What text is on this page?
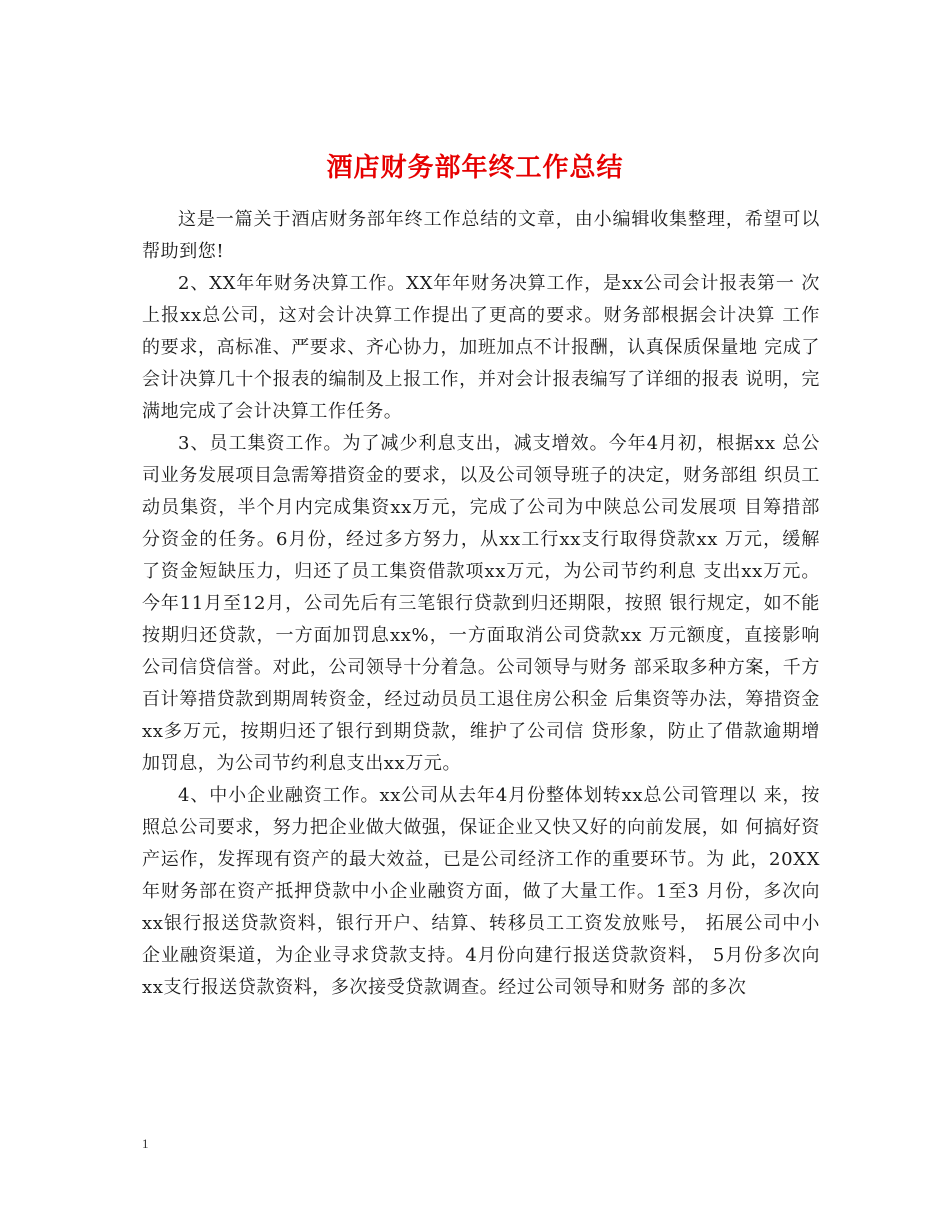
酒店财务部年终工作总结

这是一篇关于酒店财务部年终工作总结的文章，由小编辑收集整理，希望可以帮助到您!

2、XX年年财务决算工作。XX年年财务决算工作，是xx公司会计报表第一 次上报xx总公司，这对会计决算工作提出了更高的要求。财务部根据会计决算 工作的要求，高标准、严要求、齐心协力，加班加点不计报酬，认真保质保量地 完成了会计决算几十个报表的编制及上报工作，并对会计报表编写了详细的报表 说明，完满地完成了会计决算工作任务。

3、员工集资工作。为了减少利息支出，减支增效。今年4月初，根据xx 总公司业务发展项目急需筹措资金的要求，以及公司领导班子的决定，财务部组 织员工动员集资，半个月内完成集资xx万元，完成了公司为中陕总公司发展项 目筹措部分资金的任务。6月份，经过多方努力，从xx工行xx支行取得贷款xx 万元，缓解了资金短缺压力，归还了员工集资借款项xx万元，为公司节约利息 支出xx万元。今年11月至12月，公司先后有三笔银行贷款到归还期限，按照 银行规定，如不能按期归还贷款，一方面加罚息xx%，一方面取消公司贷款xx 万元额度，直接影响公司信贷信誉。对此，公司领导十分着急。公司领导与财务 部采取多种方案，千方百计筹措贷款到期周转资金，经过动员员工退住房公积金 后集资等办法，筹措资金xx多万元，按期归还了银行到期贷款，维护了公司信 贷形象，防止了借款逾期增加罚息，为公司节约利息支出xx万元。

4、中小企业融资工作。xx公司从去年4月份整体划转xx总公司管理以 来，按照总公司要求，努力把企业做大做强，保证企业又快又好的向前发展，如 何搞好资产运作，发挥现有资产的最大效益，已是公司经济工作的重要环节。为 此，20XX年财务部在资产抵押贷款中小企业融资方面，做了大量工作。1至3 月份，多次向xx银行报送贷款资料，银行开户、结算、转移员工工资发放账号， 拓展公司中小企业融资渠道，为企业寻求贷款支持。4月份向建行报送贷款资料， 5月份多次向xx支行报送贷款资料，多次接受贷款调查。经过公司领导和财务 部的多次

1
